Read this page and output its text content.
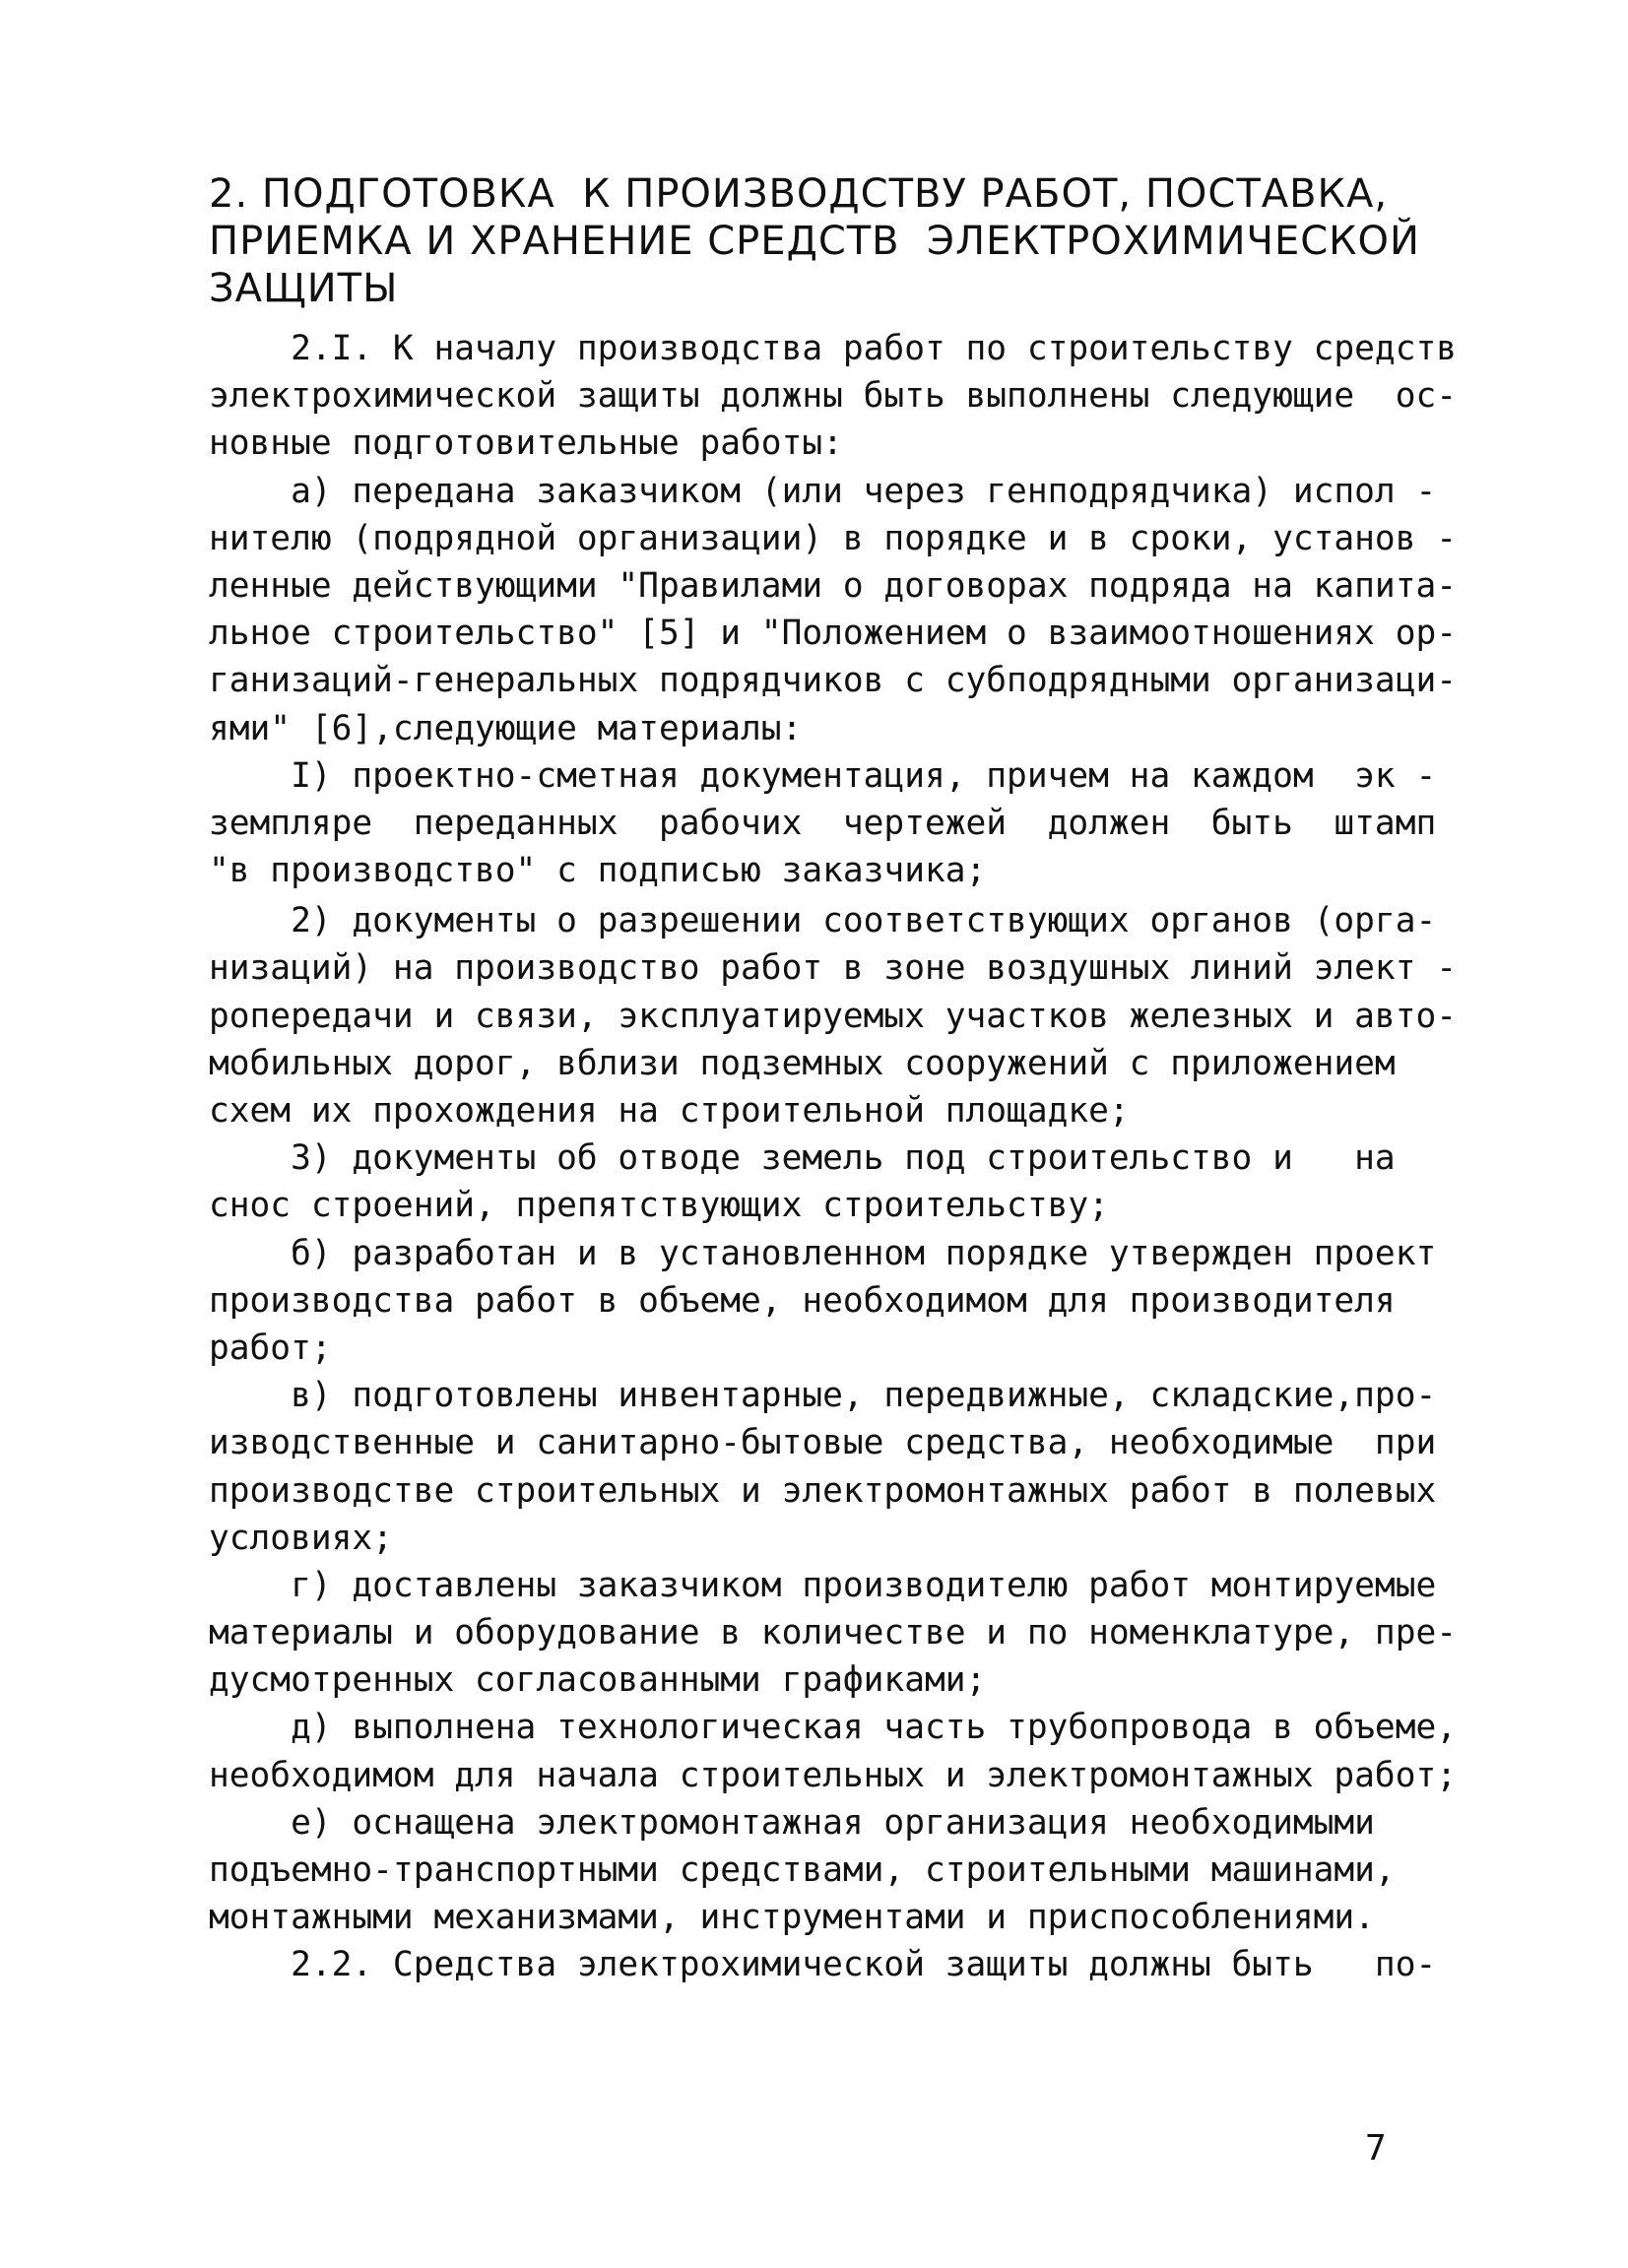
2. ПОДГОТОВКА  К ПРОИЗВОДСТВУ РАБОТ, ПОСТАВКА,
ПРИЕМКА И ХРАНЕНИЕ СРЕДСТВ  ЭЛЕКТРОХИМИЧЕСКОЙ
ЗАЩИТЫ
2.I. К началу производства работ по строительству средств
электрохимической защиты должны быть выполнены следующие  ос-
новные подготовительные работы:
а) передана заказчиком (или через генподрядчика) испол -
нителю (подрядной организации) в порядке и в сроки, установ -
ленные действующими "Правилами о договорах подряда на капита-
льное строительство" [5] и "Положением о взаимоотношениях ор-
ганизаций-генеральных подрядчиков с субподрядными организаци-
ями" [6],следующие материалы:
I) проектно-сметная документация, причем на каждом  эк -
земпляре  переданных  рабочих  чертежей  должен  быть  штамп
"в производство" с подписью заказчика;
2) документы о разрешении соответствующих органов (орга-
низаций) на производство работ в зоне воздушных линий элект -
ропередачи и связи, эксплуатируемых участков железных и авто-
мобильных дорог, вблизи подземных сооружений с приложением
схем их прохождения на строительной площадке;
3) документы об отводе земель под строительство и   на
снос строений, препятствующих строительству;
б) разработан и в установленном порядке утвержден проект
производства работ в объеме, необходимом для производителя
работ;
в) подготовлены инвентарные, передвижные, складские,про-
изводственные и санитарно-бытовые средства, необходимые  при
производстве строительных и электромонтажных работ в полевых
условиях;
г) доставлены заказчиком производителю работ монтируемые
материалы и оборудование в количестве и по номенклатуре, пре-
дусмотренных согласованными графиками;
д) выполнена технологическая часть трубопровода в объеме,
необходимом для начала строительных и электромонтажных работ;
е) оснащена электромонтажная организация необходимыми
подъемно-транспортными средствами, строительными машинами,
монтажными механизмами, инструментами и приспособлениями.
2.2. Средства электрохимической защиты должны быть   по-
7
